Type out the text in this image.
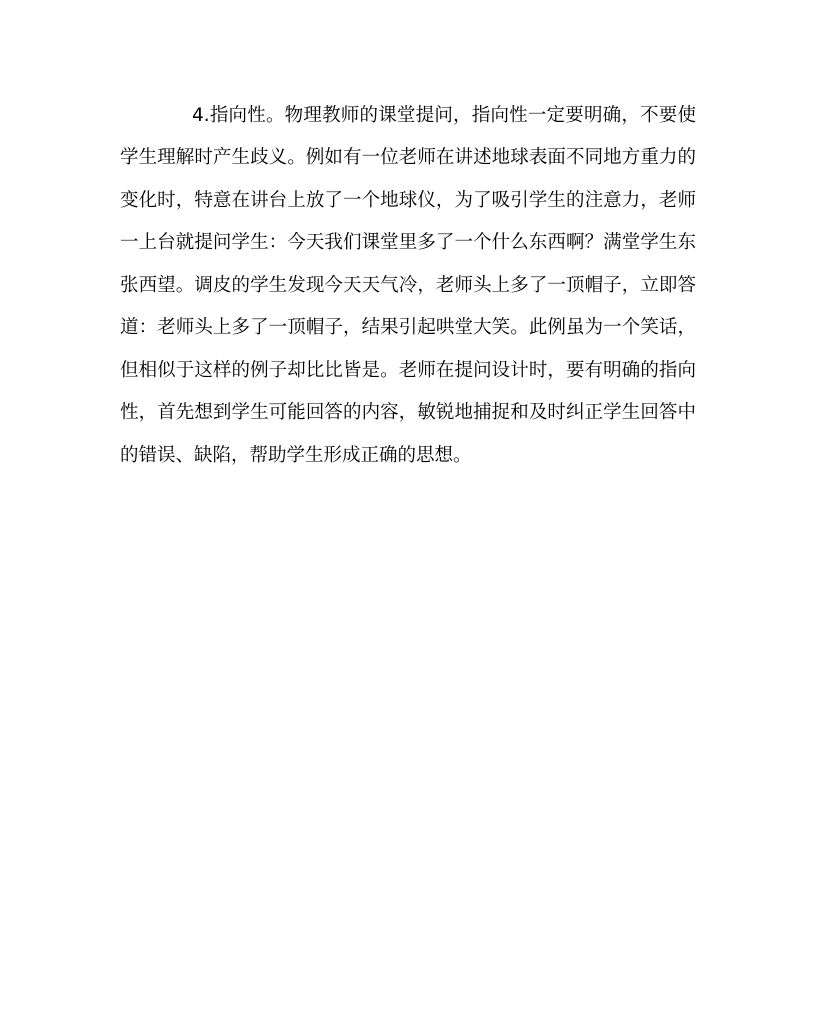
4.指向性。物理教师的课堂提问，指向性一定要明确，不要使
学生理解时产生歧义。例如有一位老师在讲述地球表面不同地方重力的
变化时，特意在讲台上放了一个地球仪，为了吸引学生的注意力，老师
一上台就提问学生：今天我们课堂里多了一个什么东西啊？满堂学生东
张西望。调皮的学生发现今天天气冷，老师头上多了一顶帽子，立即答
道：老师头上多了一顶帽子，结果引起哄堂大笑。此例虽为一个笑话，
但相似于这样的例子却比比皆是。老师在提问设计时，要有明确的指向
性，首先想到学生可能回答的内容，敏锐地捕捉和及时纠正学生回答中
的错误、缺陷，帮助学生形成正确的思想。
